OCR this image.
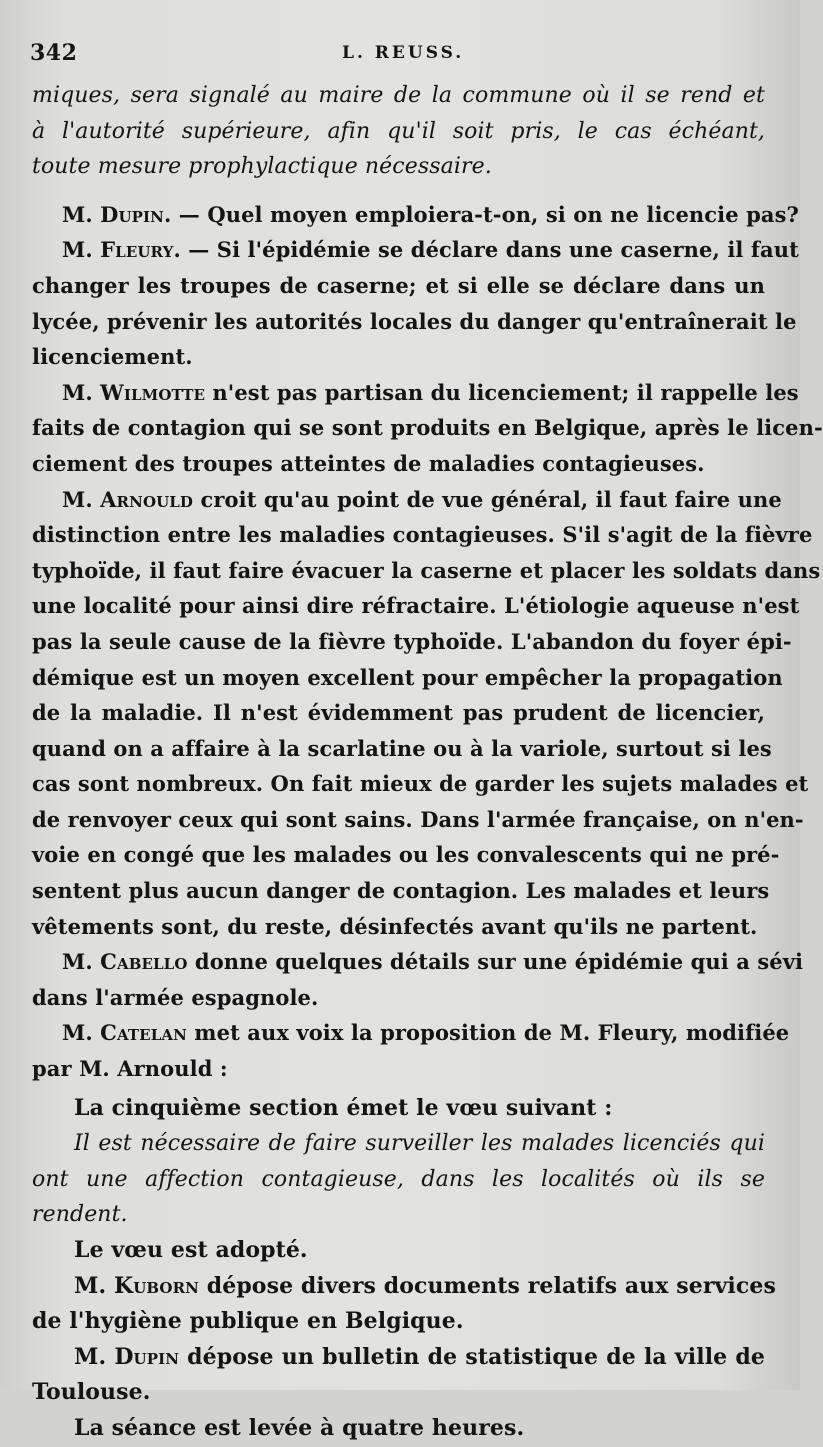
342	L. REUSS.
miques, sera signalé au maire de la commune où il se rend et
à l'autorité supérieure, afin qu'il soit pris, le cas échéant,
toute mesure prophylactique nécessaire.
M. Dupin. — Quel moyen emploiera-t-on, si on ne licencie pas?
M. Fleury. — Si l'épidémie se déclare dans une caserne, il faut
changer les troupes de caserne; et si elle se déclare dans un
lycée, prévenir les autorités locales du danger qu'entraînerait le
licenciement.
M. Wilmotte n'est pas partisan du licenciement; il rappelle les
faits de contagion qui se sont produits en Belgique, après le licen-
ciement des troupes atteintes de maladies contagieuses.
M. Arnould croit qu'au point de vue général, il faut faire une
distinction entre les maladies contagieuses. S'il s'agit de la fièvre
typhoïde, il faut faire évacuer la caserne et placer les soldats dans
une localité pour ainsi dire réfractaire. L'étiologie aqueuse n'est
pas la seule cause de la fièvre typhoïde. L'abandon du foyer épi-
démique est un moyen excellent pour empêcher la propagation
de la maladie. Il n'est évidemment pas prudent de licencier,
quand on a affaire à la scarlatine ou à la variole, surtout si les
cas sont nombreux. On fait mieux de garder les sujets malades et
de renvoyer ceux qui sont sains. Dans l'armée française, on n'en-
voie en congé que les malades ou les convalescents qui ne pré-
sentent plus aucun danger de contagion. Les malades et leurs
vêtements sont, du reste, désinfectés avant qu'ils ne partent.
M. Cabello donne quelques détails sur une épidémie qui a sévi
dans l'armée espagnole.
M. Catelan met aux voix la proposition de M. Fleury, modifiée
par M. Arnould :
La cinquième section émet le vœu suivant :
Il est nécessaire de faire surveiller les malades licenciés qui
ont une affection contagieuse, dans les localités où ils se
rendent.
Le vœu est adopté.
M. Kuborn dépose divers documents relatifs aux services
de l'hygiène publique en Belgique.
M. Dupin dépose un bulletin de statistique de la ville de
Toulouse.
La séance est levée à quatre heures.
